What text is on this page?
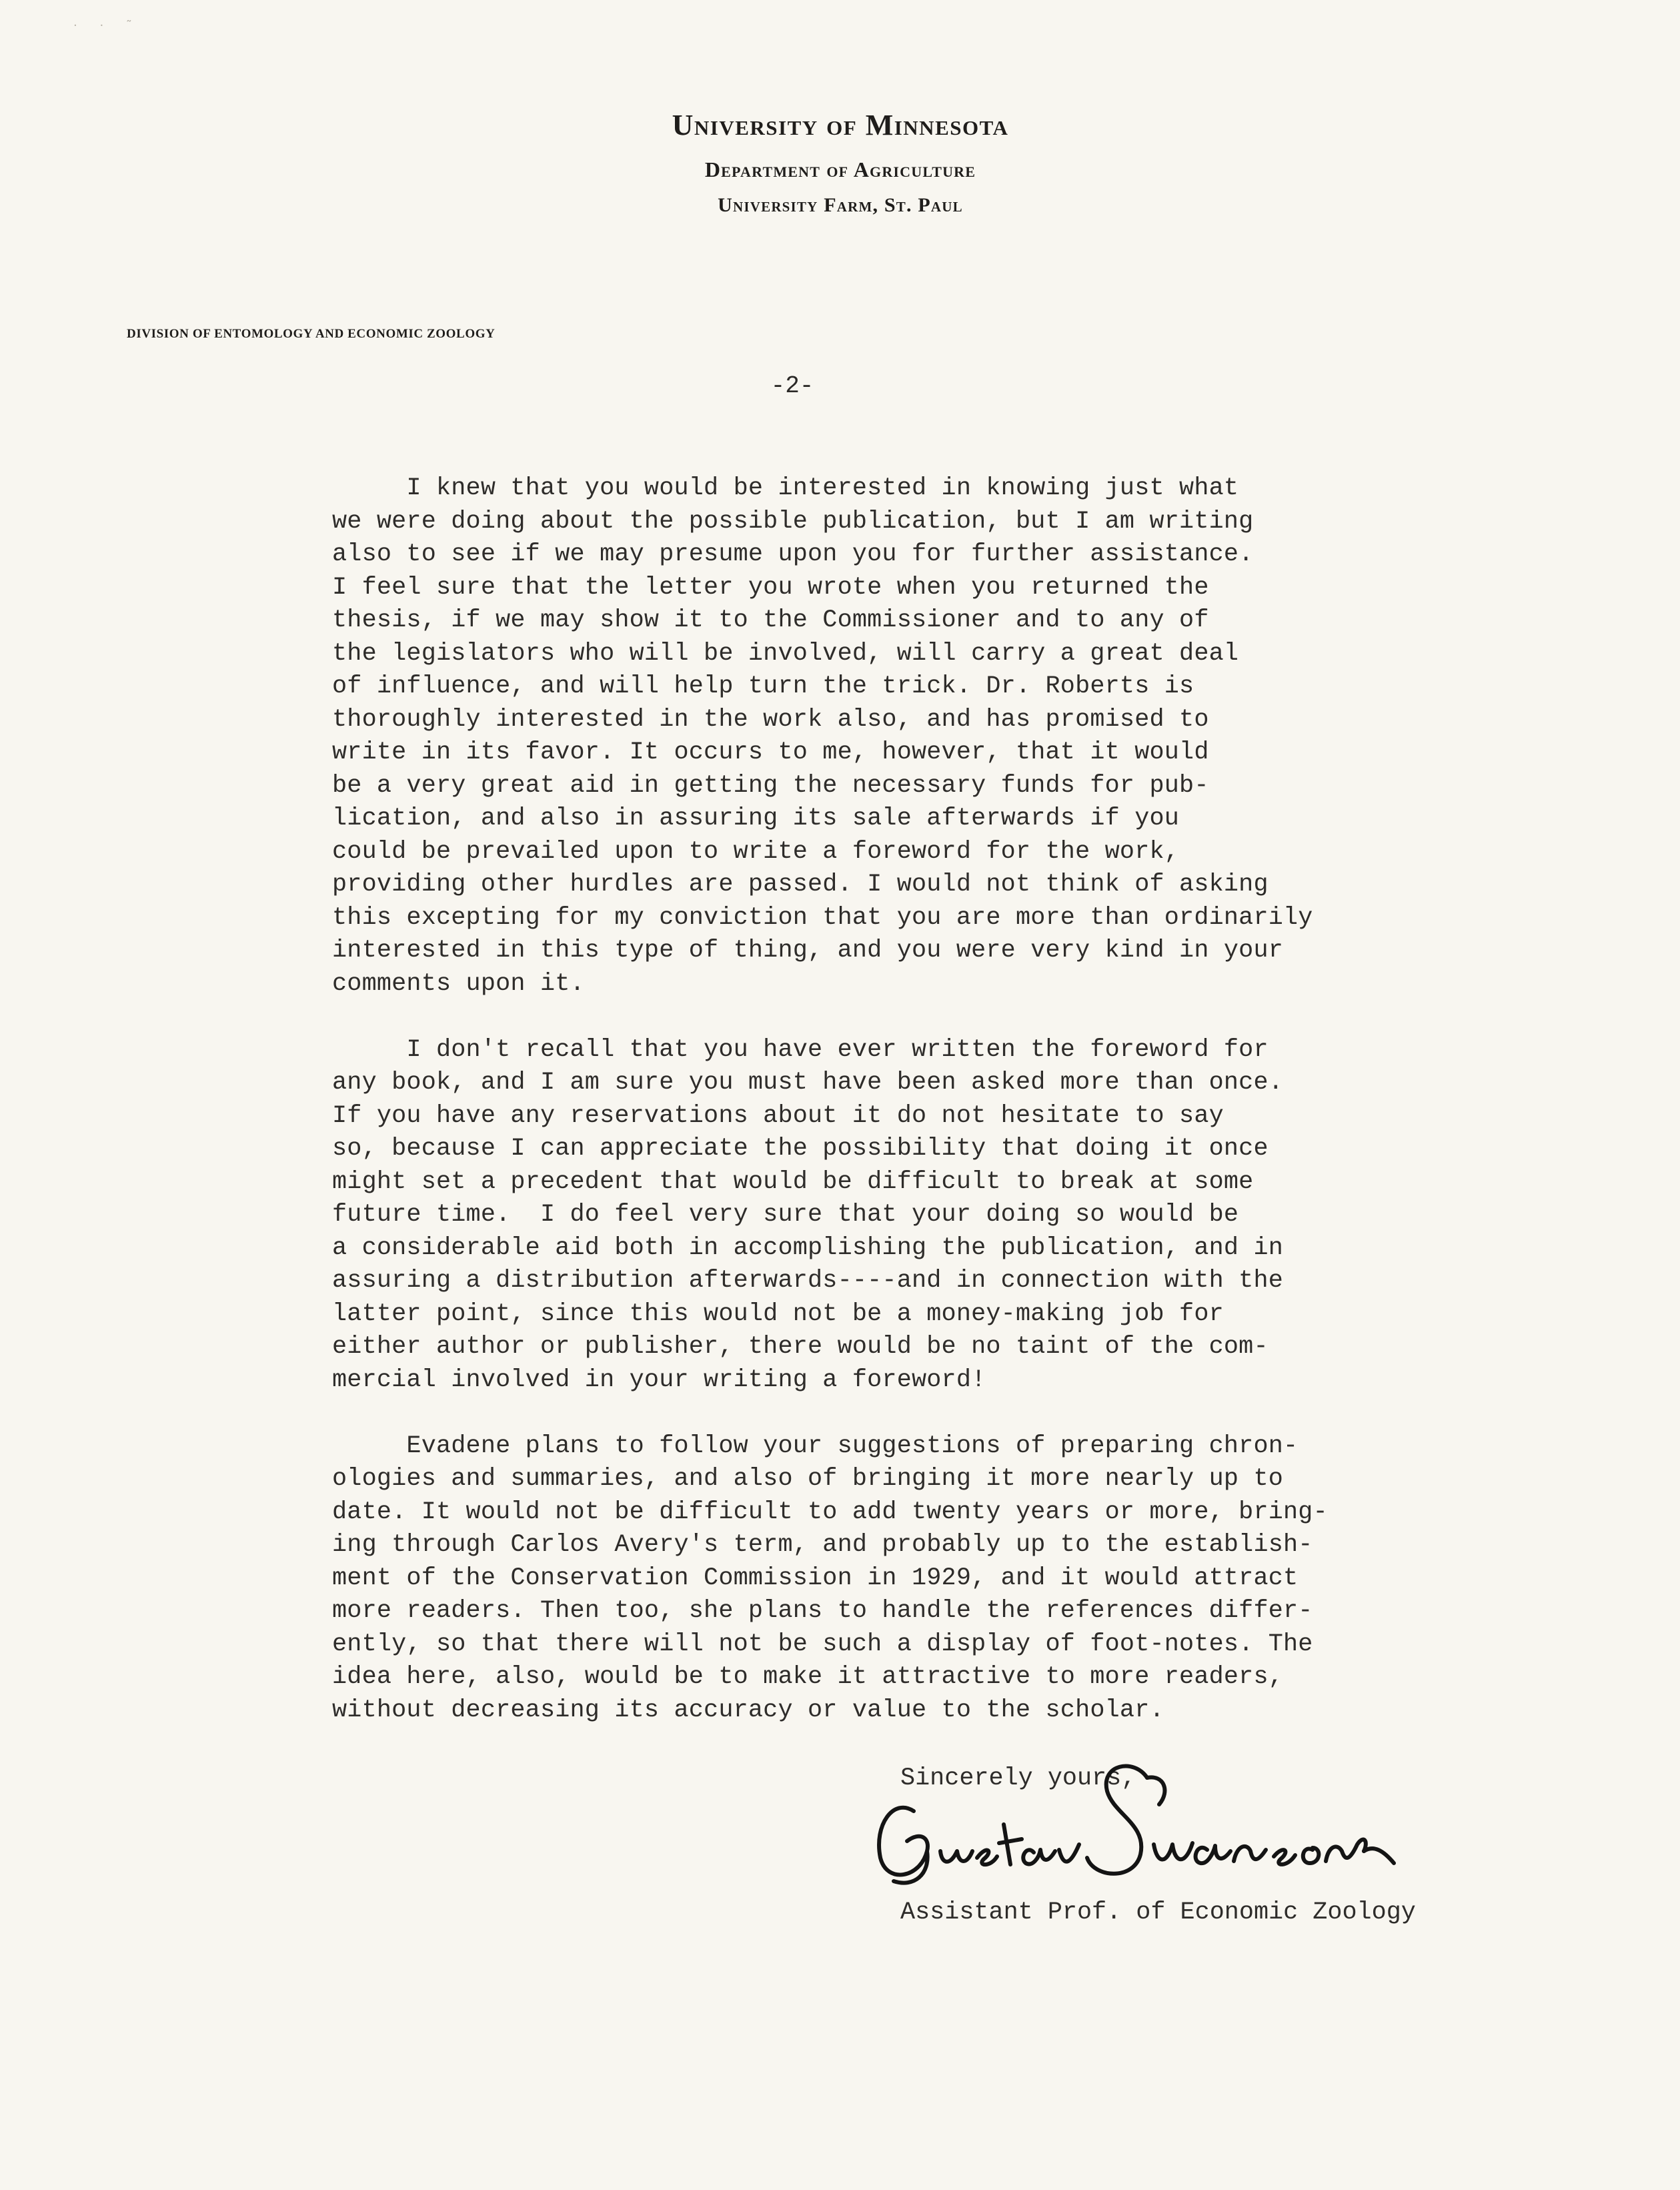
· · ˜
University of Minnesota
Department of Agriculture
University Farm, St. Paul
DIVISION OF ENTOMOLOGY AND ECONOMIC ZOOLOGY
-2-

I knew that you would be interested in knowing just what
we were doing about the possible publication, but I am writing
also to see if we may presume upon you for further assistance.
I feel sure that the letter you wrote when you returned the
thesis, if we may show it to the Commissioner and to any of
the legislators who will be involved, will carry a great deal
of influence, and will help turn the trick. Dr. Roberts is
thoroughly interested in the work also, and has promised to
write in its favor. It occurs to me, however, that it would
be a very great aid in getting the necessary funds for pub-
lication, and also in assuring its sale afterwards if you
could be prevailed upon to write a foreword for the work,
providing other hurdles are passed. I would not think of asking
this excepting for my conviction that you are more than ordinarily
interested in this type of thing, and you were very kind in your
comments upon it.

I don't recall that you have ever written the foreword for
any book, and I am sure you must have been asked more than once.
If you have any reservations about it do not hesitate to say
so, because I can appreciate the possibility that doing it once
might set a precedent that would be difficult to break at some
future time.  I do feel very sure that your doing so would be
a considerable aid both in accomplishing the publication, and in
assuring a distribution afterwards----and in connection with the
latter point, since this would not be a money-making job for
either author or publisher, there would be no taint of the com-
mercial involved in your writing a foreword!

Evadene plans to follow your suggestions of preparing chron-
ologies and summaries, and also of bringing it more nearly up to
date. It would not be difficult to add twenty years or more, bring-
ing through Carlos Avery's term, and probably up to the establish-
ment of the Conservation Commission in 1929, and it would attract
more readers. Then too, she plans to handle the references differ-
ently, so that there will not be such a display of foot-notes. The
idea here, also, would be to make it attractive to more readers,
without decreasing its accuracy or value to the scholar.

Sincerely yours,
Assistant Prof. of Economic Zoology
